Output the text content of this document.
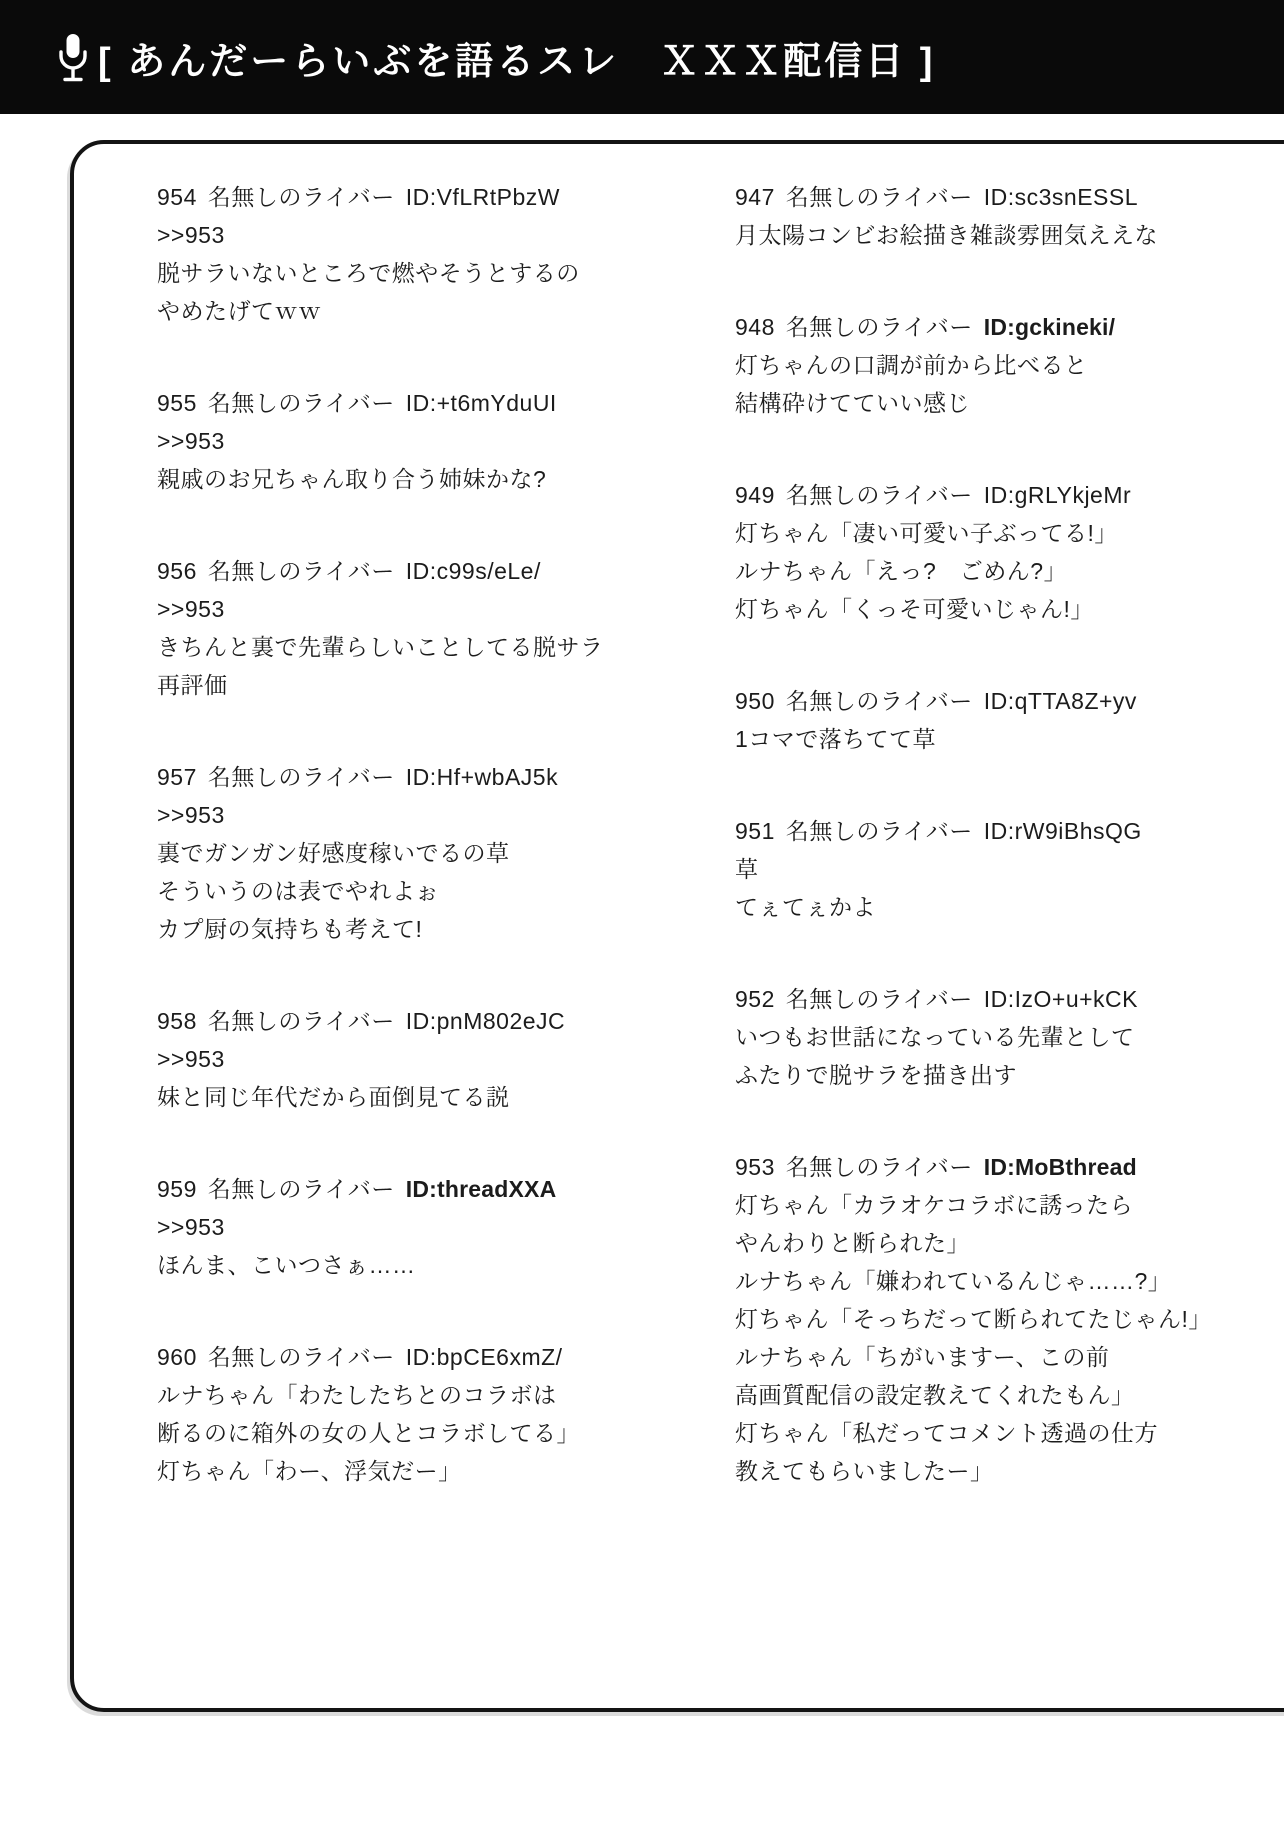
[ あんだーらいぶを語るスレ　ＸＸＸ配信日 ]
954 名無しのライバー ID:VfLRtPbzW
>>953
脱サラいないところで燃やそうとするの
やめたげてｗｗ
955 名無しのライバー ID:+t6mYduUI
>>953
親戚のお兄ちゃん取り合う姉妹かな?
956 名無しのライバー ID:c99s/eLe/
>>953
きちんと裏で先輩らしいことしてる脱サラ
再評価
957 名無しのライバー ID:Hf+wbAJ5k
>>953
裏でガンガン好感度稼いでるの草
そういうのは表でやれよぉ
カプ厨の気持ちも考えて!
958 名無しのライバー ID:pnM802eJC
>>953
妹と同じ年代だから面倒見てる説
959 名無しのライバー ID:threadXXA
>>953
ほんま、こいつさぁ……
960 名無しのライバー ID:bpCE6xmZ/
ルナちゃん「わたしたちとのコラボは
断るのに箱外の女の人とコラボしてる」
灯ちゃん「わー、浮気だー」
947 名無しのライバー ID:sc3snESSL
月太陽コンビお絵描き雑談雰囲気ええな
948 名無しのライバー ID:gckineki/
灯ちゃんの口調が前から比べると
結構砕けてていい感じ
949 名無しのライバー ID:gRLYkjeMr
灯ちゃん「凄い可愛い子ぶってる!」
ルナちゃん「えっ?　ごめん?」
灯ちゃん「くっそ可愛いじゃん!」
950 名無しのライバー ID:qTTA8Z+yv
1コマで落ちてて草
951 名無しのライバー ID:rW9iBhsQG
草
てぇてぇかよ
952 名無しのライバー ID:IzO+u+kCK
いつもお世話になっている先輩として
ふたりで脱サラを描き出す
953 名無しのライバー ID:MoBthread
灯ちゃん「カラオケコラボに誘ったら
やんわりと断られた」
ルナちゃん「嫌われているんじゃ……?」
灯ちゃん「そっちだって断られてたじゃん!」
ルナちゃん「ちがいますー、この前
高画質配信の設定教えてくれたもん」
灯ちゃん「私だってコメント透過の仕方
教えてもらいましたー」
